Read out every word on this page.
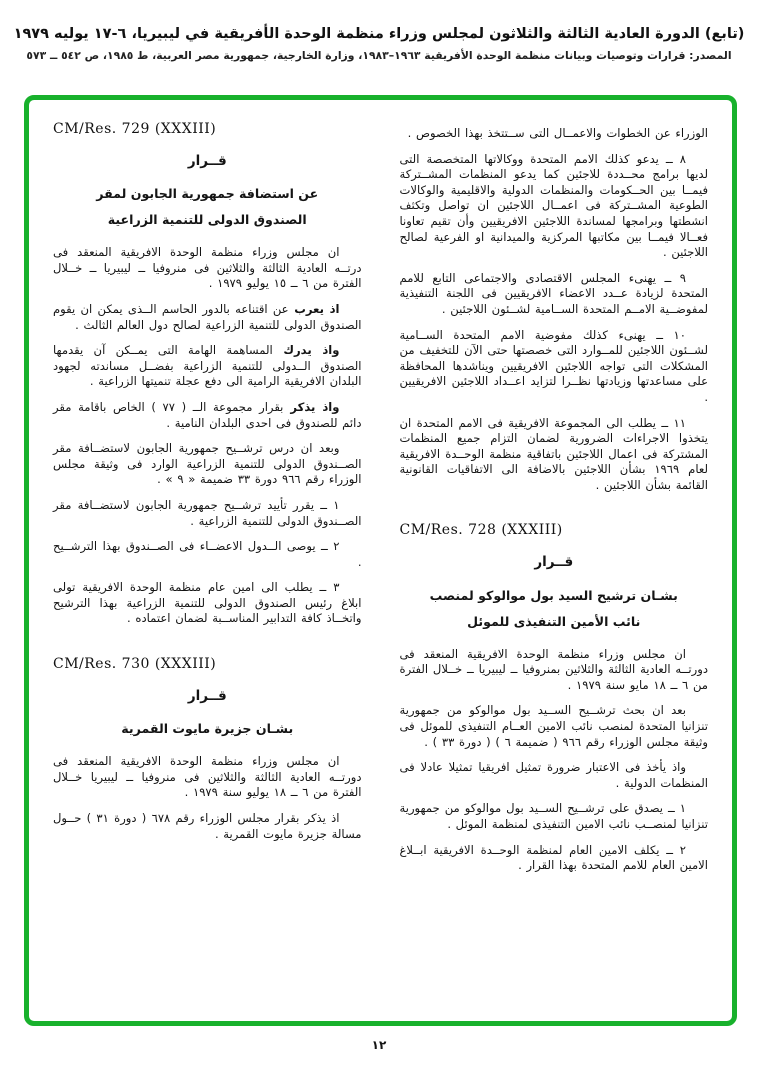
(تابع) الدورة العادية الثالثة والثلاثون لمجلس وزراء منظمة الوحدة الأفريقية في ليبيريا، ٦-١٧ يوليه ١٩٧٩
المصدر: قرارات وتوصيات وبيانات منظمة الوحدة الأفريقية ١٩٦٣–١٩٨٣، وزارة الخارجية، جمهورية مصر العربية، ط ١٩٨٥، ص ٥٤٢ ــ ٥٧٣
الوزراء عن الخطوات والاعمــال التى ســتتخذ بهذا الخصوص .
٨ ــ يدعو كذلك الامم المتحدة ووكالاتها المتخصصة التى لديها برامج محــددة للاجئين كما يدعو المنظمات المشــتركة فيمــا بين الحــكومات والمنظمات الدولية والاقليمية والوكالات الطوعية المشــتركة فى اعمــال اللاجئين ان تواصل وتكثف انشطتها وبرامجها لمساندة اللاجئين الافريقيين وأن تقيم تعاونا فعــالا فيمــا بين مكاتبها المركزية والميدانية او الفرعية لصالح اللاجئين .
٩ ــ يهنىء المجلس الاقتصادى والاجتماعى التابع للامم المتحدة لزيادة عــدد الاعضاء الافريقيين فى اللجنة التنفيذية لمفوضــية الامــم المتحدة الســامية لشــئون اللاجئين .
١٠ ــ يهنىء كذلك مفوضية الامم المتحدة الســامية لشــئون اللاجئين للمــوارد التى خصصتها حتى الآن للتخفيف من المشكلات التى تواجه اللاجئين الافريقيين ويناشدها المحافظة على مساعدتها وزيادتها نظــرا لتزايد اعــداد اللاجئين الافريقيين .
١١ ــ يطلب الى المجموعة الافريقية فى الامم المتحدة ان يتخذوا الاجراءات الضرورية لضمان التزام جميع المنظمات المشتركة فى اعمال اللاجئين باتفاقية منظمة الوحــدة الافريقية لعام ١٩٦٩ بشأن اللاجئين بالاضافة الى الاتفاقيات القانونية القائمة بشأن اللاجئين .
CM/Res. 728 (XXXIII)
قــرار
بشـان ترشيح السيد بول موالوكو لمنصب نائب الأمين التنفيذى للموئل
ان مجلس وزراء منظمة الوحدة الافريقية المنعقد فى دورتــه العادية الثالثة والثلاثين بمنروفيا ــ ليبيريا ــ خــلال الفترة من ٦ ــ ١٨ مايو سنة ١٩٧٩ .
بعد ان بحث ترشــيح الســيد بول موالوكو من جمهورية تنزانيا المتحدة لمنصب نائب الامين العــام التنفيذى للموئل فى وثيقة مجلس الوزراء رقم ٩٦٦ ( ضميمة ٦ ) ( دورة ٣٣ ) .
واذ يأخذ فى الاعتبار ضرورة تمثيل افريقيا تمثيلا عادلا فى المنظمات الدولية .
١ ــ يصدق على ترشــيح الســيد بول موالوكو من جمهورية تنزانيا لمنصــب نائب الامين التنفيذى لمنظمة الموئل .
٢ ــ يكلف الامين العام لمنظمة الوحــدة الافريقية ابــلاغ الامين العام للامم المتحدة بهذا القرار .
CM/Res. 729 (XXXIII)
قــرار
عن استضافة جمهورية الجابون لمقر الصندوق الدولى للتنمية الزراعية
ان مجلس وزراء منظمة الوحدة الافريقية المنعقد فى درتــه العادية الثالثة والثلاثين فى منروفيا ــ ليبيريا ــ خــلال الفترة من ٦ ــ ١٥ يوليو ١٩٧٩ .
اذ يعرب عن اقتناعه بالدور الحاسم الــذى يمكن ان يقوم الصندوق الدولى للتنمية الزراعية لصالح دول العالم الثالث .
واذ يدرك المساهمة الهامة التى يمــكن آن يقدمها الصندوق الــدولى للتنمية الزراعية بفضــل مساندته لجهود البلدان الافريقية الرامية الى دفع عجلة تنميتها الزراعية .
واذ يذكر بقرار مجموعة الــ ( ٧٧ ) الخاص باقامة مقر دائم للصندوق فى احدى البلدان النامية .
وبعد ان درس ترشــيح جمهورية الجابون لاستضــافة مقر الصــندوق الدولى للتنمية الزراعية الوارد فى وثيقة مجلس الوزراء رقم ٩٦٦ دورة ٣٣ ضميمة « ٩ » .
١ ــ يقرر تأييد ترشــيح جمهورية الجابون لاستضــافة مقر الصــندوق الدولى للتنمية الزراعية .
٢ ــ يوصى الــدول الاعضــاء فى الصــندوق بهذا الترشــيح .
٣ ــ يطلب الى امين عام منظمة الوحدة الافريقية تولى ابلاغ رئيس الصندوق الدولى للتنمية الزراعية بهذا الترشيح واتخــاذ كافة التدابير المناســبة لضمان اعتماده .
CM/Res. 730 (XXXIII)
قــرار
بشـان جزيرة مايوت القمرية
ان مجلس وزراء منظمة الوحدة الافريقية المنعقد فى دورتــه العادية الثالثة والثلاثين فى منروفيا ــ ليبيريا خــلال الفترة من ٦ ــ ١٨ يوليو سنة ١٩٧٩ .
اذ يذكر بقرار مجلس الوزراء رقم ٦٧٨ ( دورة ٣١ ) حــول مسالة جزيرة مايوت القمرية .
١٢
